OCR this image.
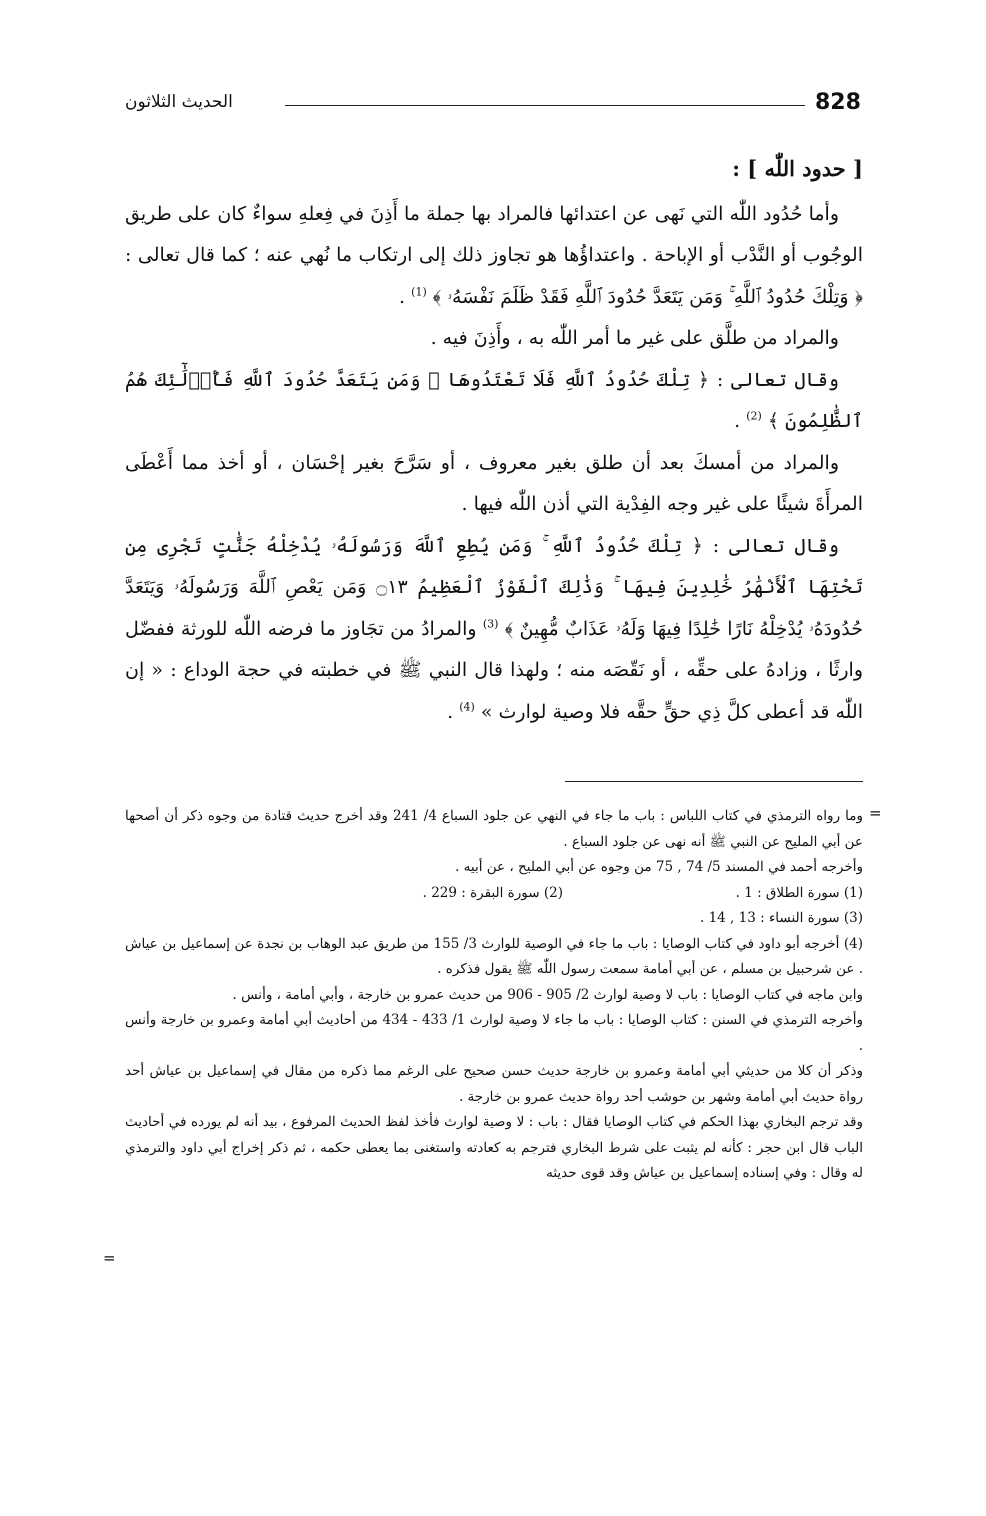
828
الحديث الثلاثون

[ حدود اللّٰه ] :

وأما حُدُود اللّٰه التي نَهى عن اعتدائها فالمراد بها جملة ما أَذِنَ في فِعلهِ سواءٌ كان على طريق الوجُوب أو النَّدْب أو الإباحة . واعتداؤُها هو تجاوز ذلك إلى ارتكاب ما نُهي عنه ؛ كما قال تعالى : ﴿ وَتِلْكَ حُدُودُ ٱللَّهِ ۚ وَمَن يَتَعَدَّ حُدُودَ ٱللَّهِ فَقَدْ ظَلَمَ نَفْسَهُۥ ﴾ $^{(1)}$ .

والمراد من طلَّق على غير ما أمر اللّٰه به ، وأَذِنَ فيه .

وقال تعالى : ﴿ تِلْكَ حُدُودُ ٱللَّهِ فَلَا تَعْتَدُوهَا ۚ وَمَن يَتَعَدَّ حُدُودَ ٱللَّهِ فَأُو۟لَٰٓئِكَ هُمُ ٱلظَّٰلِمُونَ ﴾ $^{(2)}$ .

والمراد من أمسكَ بعد أن طلق بغير معروف ، أو سَرَّحَ بغير إحْسَان ، أو أخذ مما أَعْطَى المرأَةَ شيئًا على غير وجه الفِدْية التي أذن اللّٰه فيها .

وقال تعالى : ﴿ تِلْكَ حُدُودُ ٱللَّهِ ۚ وَمَن يُطِعِ ٱللَّهَ وَرَسُولَهُۥ يُدْخِلْهُ جَنَّٰتٍ تَجْرِى مِن تَحْتِهَا ٱلْأَنْهَٰرُ خَٰلِدِينَ فِيهَا ۚ وَذَٰلِكَ ٱلْفَوْزُ ٱلْعَظِيمُ ۝١٣ وَمَن يَعْصِ ٱللَّهَ وَرَسُولَهُۥ وَيَتَعَدَّ حُدُودَهُۥ يُدْخِلْهُ نَارًا خَٰلِدًا فِيهَا وَلَهُۥ عَذَابٌ مُّهِينٌ ﴾ $^{(3)}$ والمرادُ من تجَاوز ما فرضه اللّٰه للورثة ففضّل وارثًا ، وزادهُ على حقِّه ، أو نَقّصَه منه ؛ ولهذا قال النبي ﷺ في خطبته في حجة الوداع : « إن اللّٰه قد أعطى كلَّ ذِي حقٍّ حقَّه فلا وصية لوارث » $^{(4)}$ .

=

وما رواه الترمذي في كتاب اللباس : باب ما جاء في النهي عن جلود السباع 4/ 241 وقد أخرج حديث قتادة من وجوه ذكر أن أصحها عن أبي المليح عن النبي ﷺ أنه نهى عن جلود السباع .

وأخرجه أحمد في المسند 5/ 74 , 75 من وجوه عن أبي المليح ، عن أبيه .

(1) سورة الطلاق : 1 .
(2) سورة البقرة : 229 .

(3) سورة النساء : 13 , 14 .

(4) أخرجه أبو داود في كتاب الوصايا : باب ما جاء في الوصية للوارث 3/ 155 من طريق عبد الوهاب بن نجدة عن إسماعيل بن عياش . عن شرحبيل بن مسلم ، عن أبي أمامة سمعت رسول اللّٰه ﷺ يقول فذكره .

وابن ماجه في كتاب الوصايا : باب لا وصية لوارث 2/ 905 - 906 من حديث عمرو بن خارجة ، وأبي أمامة ، وأنس .

وأخرجه الترمذي في السنن : كتاب الوصايا : باب ما جاء لا وصية لوارث 1/ 433 - 434 من أحاديث أبي أمامة وعمرو بن خارجة وأنس .

وذكر أن كلا من حديثي أبي أمامة وعمرو بن خارجة حديث حسن صحيح على الرغم مما ذكره من مقال في إسماعيل بن عياش أحد رواة حديث أبي أمامة وشهر بن حوشب أحد رواة حديث عمرو بن خارجة .

وقد ترجم البخاري بهذا الحكم في كتاب الوصايا فقال : باب : لا وصية لوارث فأخذ لفظ الحديث المرفوع ، بيد أنه لم يورده في أحاديث الباب قال ابن حجر : كأنه لم يثبت على شرط البخاري فترجم به كعادته واستغنى بما يعطى حكمه ، ثم ذكر إخراج أبي داود والترمذي له وقال : وفي إسناده إسماعيل بن عياش وقد قوى حديثه

=
